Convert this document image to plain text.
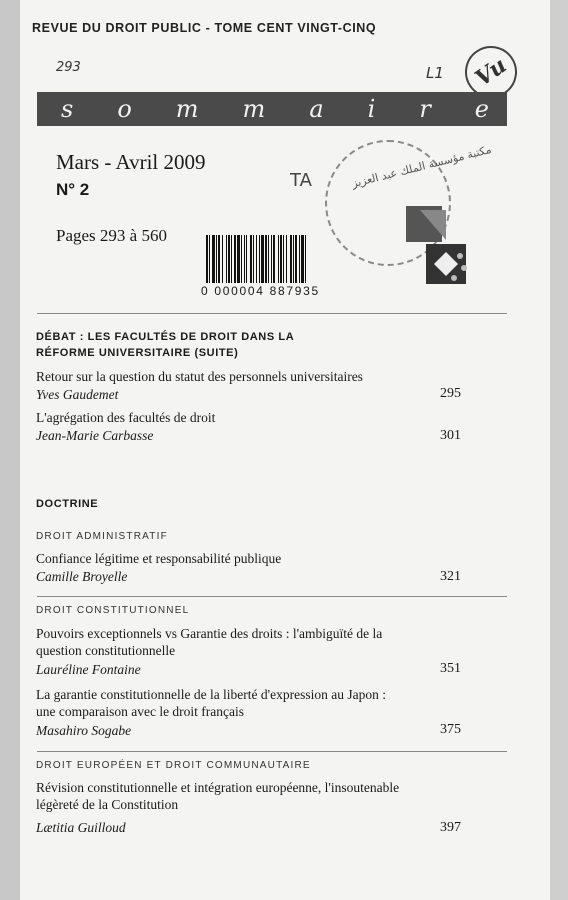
REVUE DU DROIT PUBLIC - TOME CENT VINGT-CINQ
293	L1	Vu
s o m m a i r e
Mars - Avril 2009
N° 2
Pages 293 à 560
مكتبة مؤسسة الملك عبد العزيز
TA
0 000004 887935
DÉBAT : LES FACULTÉS DE DROIT DANS LA
RÉFORME UNIVERSITAIRE (SUITE)
Retour sur la question du statut des personnels universitaires
Yves Gaudemet	295
L'agrégation des facultés de droit
Jean-Marie Carbasse	301
DOCTRINE
DROIT ADMINISTRATIF
Confiance légitime et responsabilité publique
Camille Broyelle	321
DROIT CONSTITUTIONNEL
Pouvoirs exceptionnels vs Garantie des droits : l'ambiguïté de la
question constitutionnelle
Lauréline Fontaine	351
La garantie constitutionnelle de la liberté d'expression au Japon :
une comparaison avec le droit français
Masahiro Sogabe	375
DROIT EUROPÉEN ET DROIT COMMUNAUTAIRE
Révision constitutionnelle et intégration européenne, l'insoutenable
légèreté de la Constitution
Lætitia Guilloud	397
